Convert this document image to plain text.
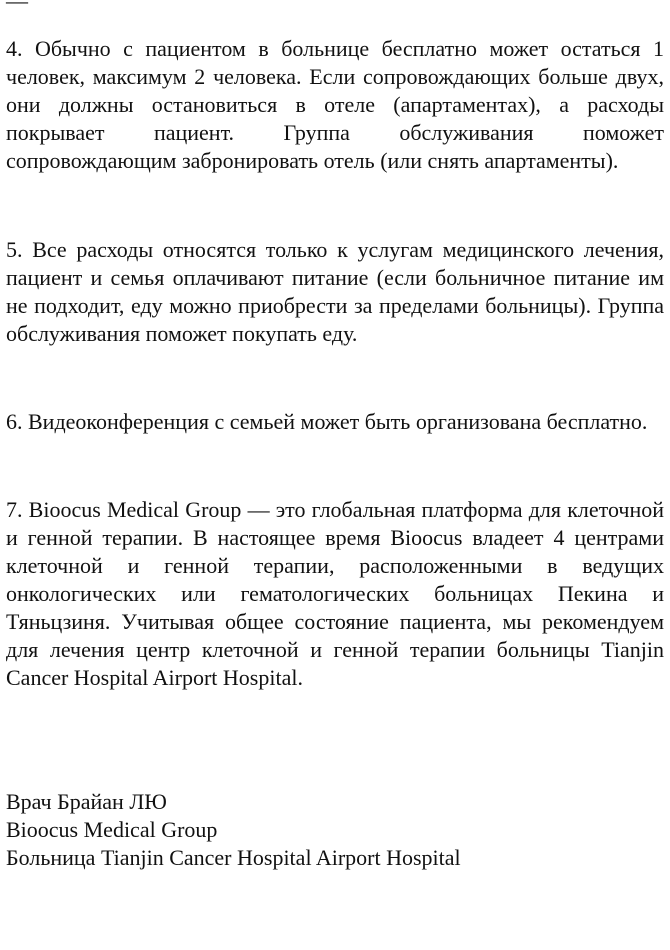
—

4. Обычно с пациентом в больнице бесплатно может остаться 1 человек, максимум 2 человека. Если сопровождающих больше двух, они должны остановиться в отеле (апартаментах), а расходы покрывает пациент. Группа обслуживания поможет сопровождающим забронировать отель (или снять апартаменты).

5. Все расходы относятся только к услугам медицинского лечения, пациент и семья оплачивают питание (если больничное питание им не подходит, еду можно приобрести за пределами больницы). Группа обслуживания поможет покупать еду.

6. Видеоконференция с семьей может быть организована бесплатно.

7. Bioocus Medical Group — это глобальная платформа для клеточной и генной терапии. В настоящее время Bioocus владеет 4 центрами клеточной и генной терапии, расположенными в ведущих онкологических или гематологических больницах Пекина и Тяньцзиня. Учитывая общее состояние пациента, мы рекомендуем для лечения центр клеточной и генной терапии больницы Tianjin Cancer Hospital Airport Hospital.

Врач Брайан ЛЮ
Bioocus Medical Group
Больница Tianjin Cancer Hospital Airport Hospital
